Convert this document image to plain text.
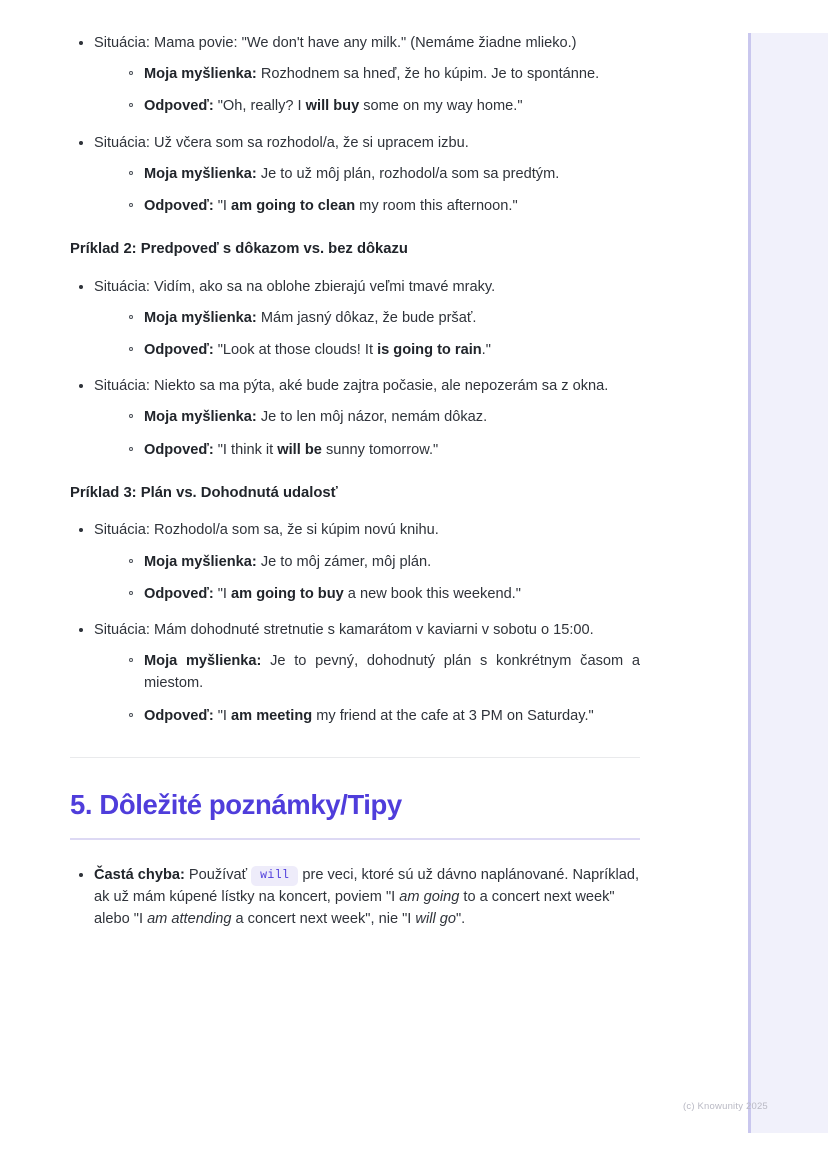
Situácia: Mama povie: "We don't have any milk." (Nemáme žiadne mlieko.)
Moja myšlienka: Rozhodnem sa hneď, že ho kúpim. Je to spontánne.
Odpoveď: "Oh, really? I will buy some on my way home."
Situácia: Už včera som sa rozhodol/a, že si upracem izbu.
Moja myšlienka: Je to už môj plán, rozhodol/a som sa predtým.
Odpoveď: "I am going to clean my room this afternoon."
Príklad 2: Predpoveď s dôkazom vs. bez dôkazu
Situácia: Vidím, ako sa na oblohe zbierajú veľmi tmavé mraky.
Moja myšlienka: Mám jasný dôkaz, že bude pršať.
Odpoveď: "Look at those clouds! It is going to rain."
Situácia: Niekto sa ma pýta, aké bude zajtra počasie, ale nepozerám sa z okna.
Moja myšlienka: Je to len môj názor, nemám dôkaz.
Odpoveď: "I think it will be sunny tomorrow."
Príklad 3: Plán vs. Dohodnutá udalosť
Situácia: Rozhodol/a som sa, že si kúpim novú knihu.
Moja myšlienka: Je to môj zámer, môj plán.
Odpoveď: "I am going to buy a new book this weekend."
Situácia: Mám dohodnuté stretnutie s kamarátom v kaviarni v sobotu o 15:00.
Moja myšlienka: Je to pevný, dohodnutý plán s konkrétnym časom a miestom.
Odpoveď: "I am meeting my friend at the cafe at 3 PM on Saturday."
5. Dôležité poznámky/Tipy
Častá chyba: Používať will pre veci, ktoré sú už dávno naplánované. Napríklad, ak už mám kúpené lístky na koncert, poviem "I am going to a concert next week" alebo "I am attending a concert next week", nie "I will go".
(c) Knowunity 2025
